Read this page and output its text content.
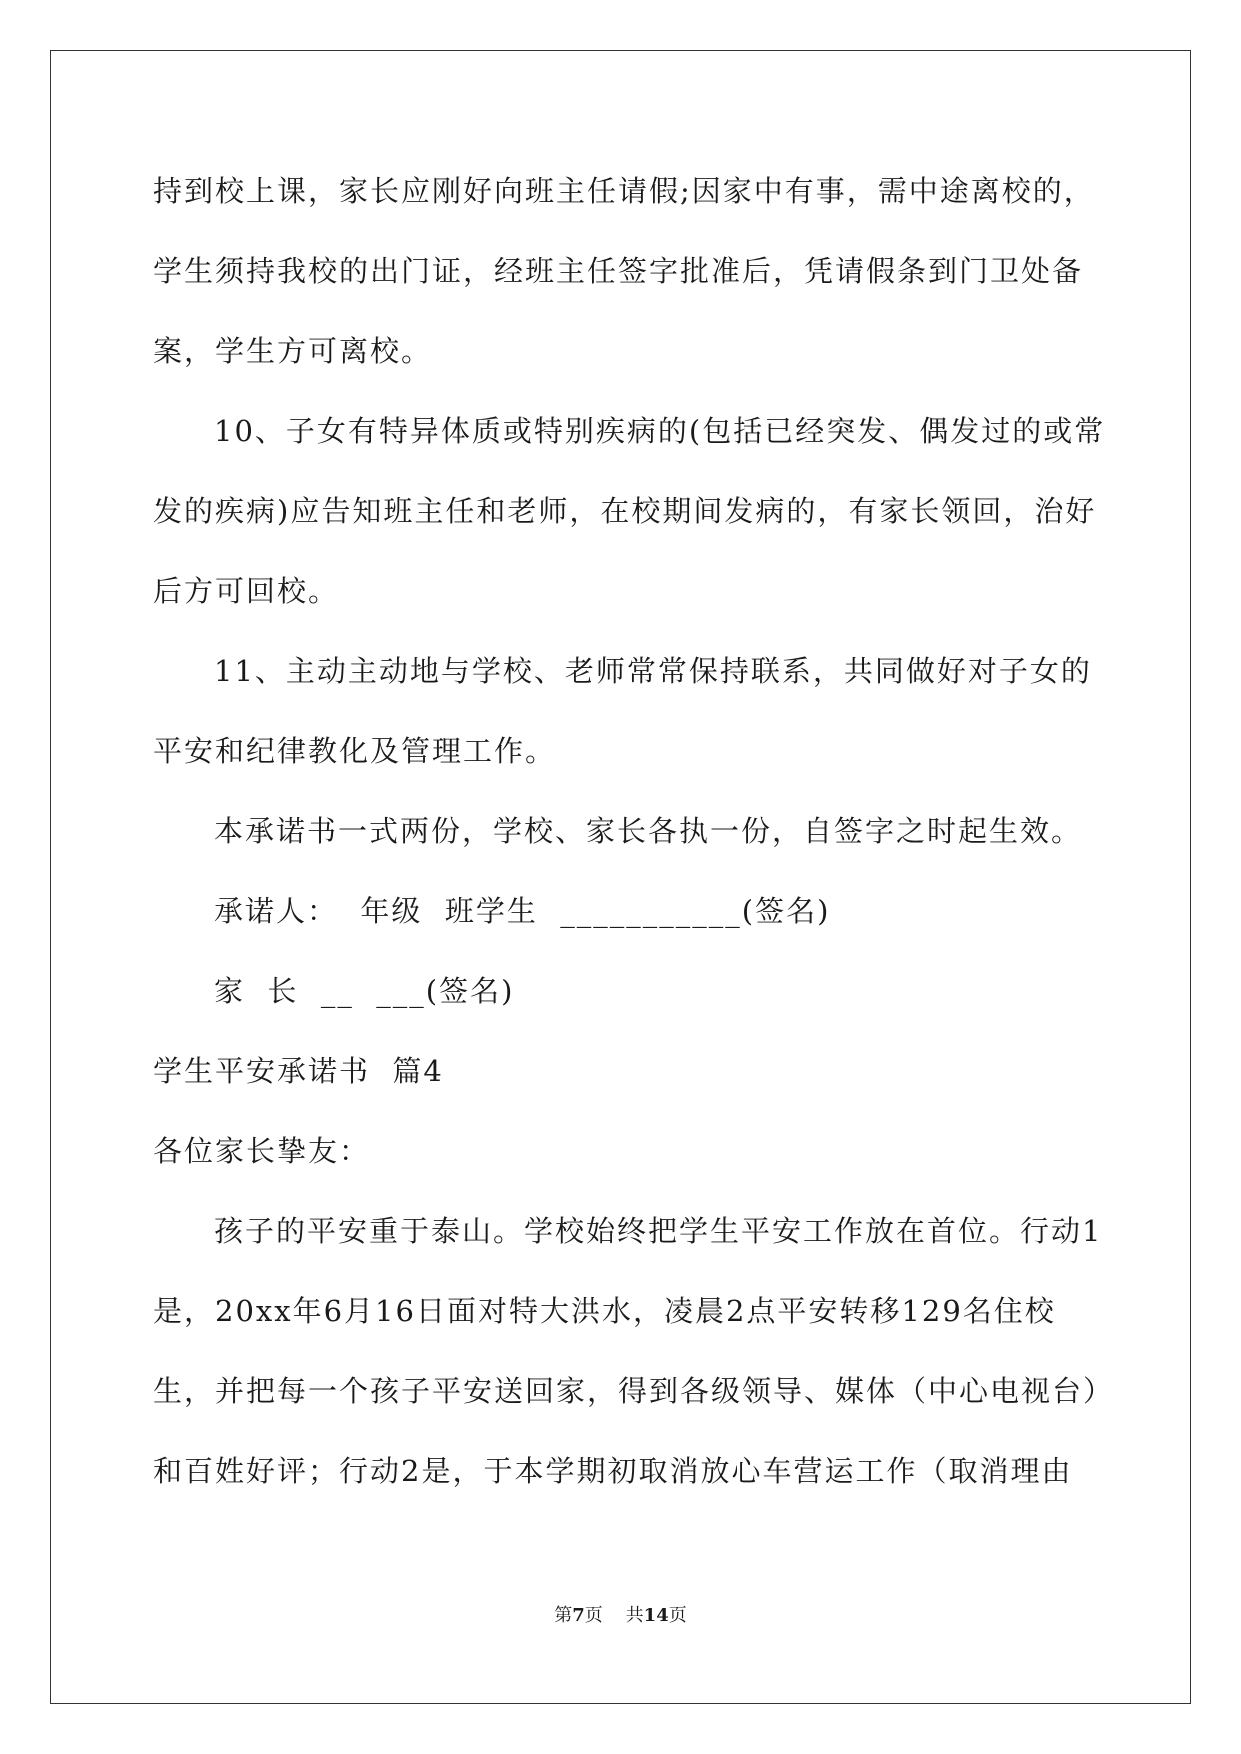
持到校上课，家长应刚好向班主任请假;因家中有事，需中途离校的，
学生须持我校的出门证，经班主任签字批准后，凭请假条到门卫处备
案，学生方可离校。
10、子女有特异体质或特别疾病的(包括已经突发、偶发过的或常
发的疾病)应告知班主任和老师，在校期间发病的，有家长领回，治好
后方可回校。
11、主动主动地与学校、老师常常保持联系，共同做好对子女的
平安和纪律教化及管理工作。
本承诺书一式两份，学校、家长各执一份，自签字之时起生效。
承诺人：  年级  班学生  ___________(签名)
家  长  __  ___(签名)
学生平安承诺书  篇4
各位家长挚友：
孩子的平安重于泰山。学校始终把学生平安工作放在首位。行动1
是，20xx年6月16日面对特大洪水，凌晨2点平安转移129名住校
生，并把每一个孩子平安送回家，得到各级领导、媒体（中心电视台）
和百姓好评；行动2是，于本学期初取消放心车营运工作（取消理由
第7页    共14页
